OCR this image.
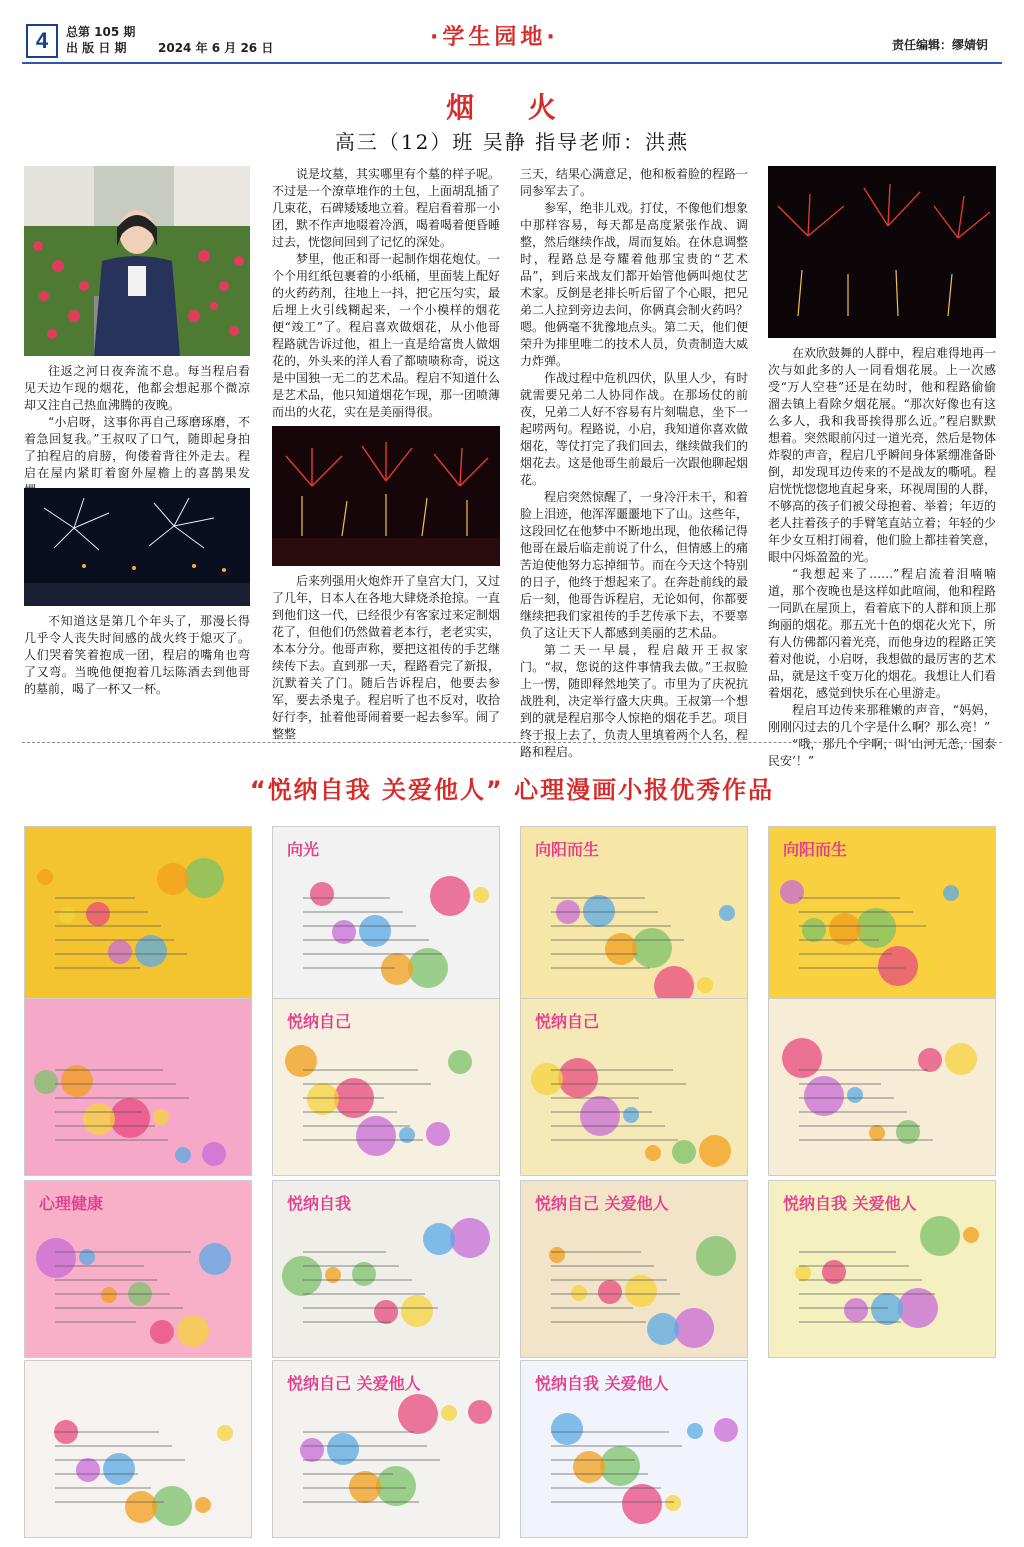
4	总第 105 期
出 版 日 期	2024 年 6 月 26 日	·学生园地·	责任编辑：缪婧钥
烟 火
高三（12）班 吴静 指导老师：洪燕

往返之河日夜奔流不息。每当程启看见天边乍现的烟花，他都会想起那个微凉却又注自己热血沸腾的夜晚。

“小启呀，这事你再自己琢磨琢磨，不着急回复我。”王叔叹了口气，随即起身拍了拍程启的肩膀，佝偻着背往外走去。程启在屋内紧盯着窗外屋檐上的喜鹊果发

不知道这是第几个年头了，那漫长得几乎令人丧失时间感的战火终于熄灭了。人们哭着笑着抱成一团，程启的嘴角也弯了又弯。当晚他便抱着几坛陈酒去到他哥的墓前，喝了一杯又一杯。

说是坟墓，其实哪里有个墓的样子呢。不过是一个潦草堆作的土包，上面胡乱插了几束花，石碑矮矮地立着。程启看着那一小团，默不作声地啜着冷酒，喝着喝着便昏睡过去，恍惚间回到了记忆的深处。

梦里，他正和哥一起制作烟花炮仗。一个个用红纸包裹着的小纸桶，里面装上配好的火药药剂，往地上一抖，把它压匀实，最后埋上火引线糊起来，一个小模样的烟花便“竣工”了。程启喜欢做烟花，从小他哥程路就告诉过他，祖上一直是给富贵人做烟花的，外头来的洋人看了都啧啧称奇，说这是中国独一无二的艺术品。程启不知道什么是艺术品，他只知道烟花乍现，那一团喷薄而出的火花，实在是美丽得很。

后来列强用火炮炸开了皇宫大门，又过了几年，日本人在各地大肆烧杀抢掠。一直到他们这一代，已经很少有客家过来定制烟花了，但他们仍然做着老本行，老老实实，本本分分。他哥声称，要把这祖传的手艺继续传下去。直到那一天，程路看完了新报，沉默着关了门。随后告诉程启，他要去参军，要去杀鬼子。程启听了也不反对，收拾好行李，扯着他哥闹着要一起去参军。闹了整整

三天，结果心满意足，他和板着脸的程路一同参军去了。

参军，绝非儿戏。打仗，不像他们想象中那样容易，每天都是高度紧张作战、调整，然后继续作战，周而复始。在休息调整时，程路总是夸耀着他那宝贵的“艺术品”，到后来战友们都开始管他俩叫炮仗艺术家。反倒是老排长听后留了个心眼，把兄弟二人拉到旁边去问，你俩真会制火药吗？嗯。他俩毫不犹豫地点头。第二天，他们便荣升为排里唯二的技术人员，负责制造大威力炸弹。

作战过程中危机四伏，队里人少，有时就需要兄弟二人协同作战。在那场仗的前夜，兄弟二人好不容易有片刻喘息，坐下一起唠两句。程路说，小启，我知道你喜欢做烟花，等仗打完了我们回去，继续做我们的烟花去。这是他哥生前最后一次跟他聊起烟花。

程启突然惊醒了，一身冷汗未干，和着脸上泪迹，他浑浑噩噩地下了山。这些年，这段回忆在他梦中不断地出现，他依稀记得他哥在最后临走前说了什么，但情感上的痛苦迫使他努力忘掉细节。而在今天这个特别的日子，他终于想起来了。在奔赴前线的最后一刻，他哥告诉程启，无论如何，你都要继续把我们家祖传的手艺传承下去，不要辜负了这让天下人都感到美丽的艺术品。

第二天一早晨，程启敲开王叔家门。“叔，您说的这件事情我去做。”王叔脸上一愣，随即释然地笑了。市里为了庆祝抗战胜利，决定举行盛大庆典。王叔第一个想到的就是程启那令人惊艳的烟花手艺。项目终于报上去了，负责人里填着两个人名，程路和程启。

在欢欣鼓舞的人群中，程启难得地再一次与如此多的人一同看烟花展。上一次感受“万人空巷”还是在幼时，他和程路偷偷溜去镇上看除夕烟花展。“那次好像也有这么多人，我和我哥挨得那么近。”程启默默想着。突然眼前闪过一道光亮，然后是物体炸裂的声音，程启几乎瞬间身体紧绷准备卧倒，却发现耳边传来的不是战友的嘶吼。程启恍恍惚惚地直起身来，环视周围的人群，不够高的孩子们被父母抱着、举着；年迈的老人拄着孩子的手臂笔直站立着；年轻的少年少女互相打闹着，他们脸上都挂着笑意，眼中闪烁盈盈的光。

“我想起来了……”程启流着泪喃喃道，那个夜晚也是这样如此喧闹，他和程路一同趴在屋顶上，看着底下的人群和顶上那绚丽的烟花。那五光十色的烟花火光下，所有人仿佛都闪着光亮，而他身边的程路正笑着对他说，小启呀，我想做的最厉害的艺术品，就是这千变万化的烟花。我想让人们看着烟花，感觉到快乐在心里游走。

程启耳边传来那稚嫩的声音，“妈妈，刚刚闪过去的几个字是什么啊？那么亮！”

“哦，那几个字啊，叫‘山河无恙，国泰民安’！”

“悦纳自我 关爱他人” 心理漫画小报优秀作品
向光	向阳而生	向阳而生
悦纳自己	悦纳自己
心理健康	悦纳自我	悦纳自己 关爱他人	悦纳自我 关爱他人
悦纳自己 关爱他人	悦纳自我 关爱他人
